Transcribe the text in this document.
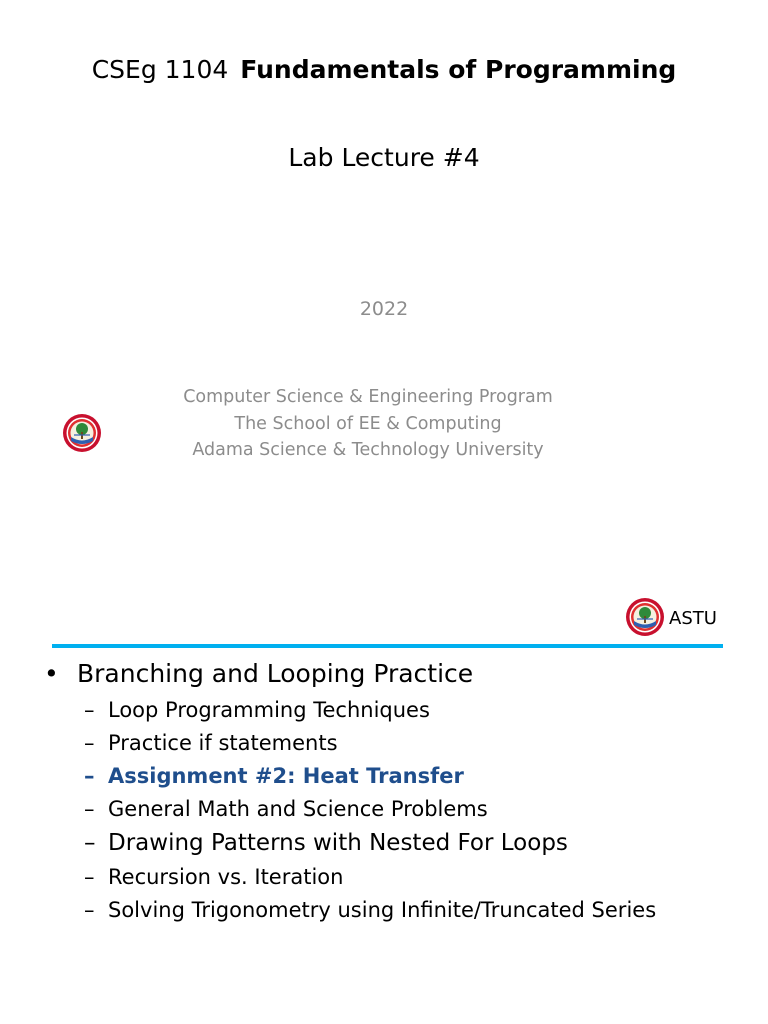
CSEg 1104 Fundamentals of Programming
Lab Lecture #4
2022
Computer Science & Engineering Program
The School of EE & Computing
Adama Science & Technology University
ASTU
• Branching and Looping Practice
– Loop Programming Techniques
– Practice if statements
– Assignment #2: Heat Transfer
– General Math and Science Problems
– Drawing Patterns with Nested For Loops
– Recursion vs. Iteration
– Solving Trigonometry using Infinite/Truncated Series
